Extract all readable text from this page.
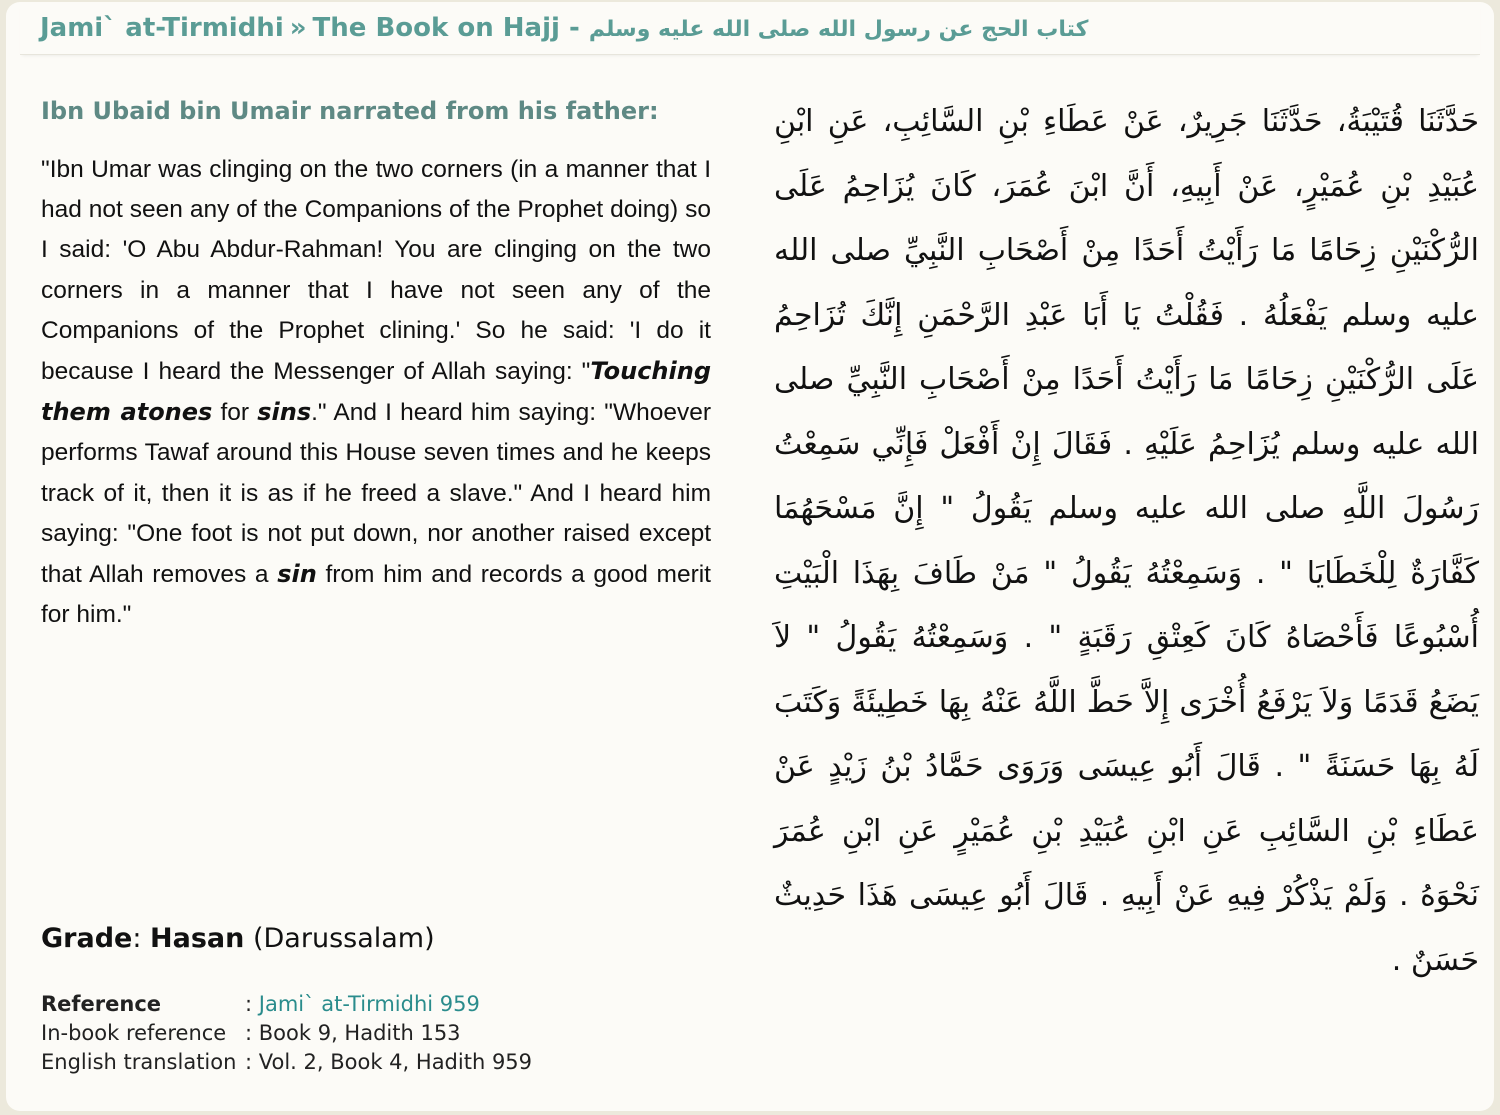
Jami` at-Tirmidhi » The Book on Hajj - كتاب الحج عن رسول الله صلى الله عليه وسلم
Ibn Ubaid bin Umair narrated from his father:

"Ibn Umar was clinging on the two corners (in a manner that I had not seen any of the Companions of the Prophet doing) so I said: 'O Abu Abdur-Rahman! You are clinging on the two corners in a manner that I have not seen any of the Companions of the Prophet clining.' So he said: 'I do it because I heard the Messenger of Allah saying: "Touching them atones for sins." And I heard him saying: "Whoever performs Tawaf around this House seven times and he keeps track of it, then it is as if he freed a slave." And I heard him saying: "One foot is not put down, nor another raised except that Allah removes a sin from him and records a good merit for him."

حَدَّثَنَا قُتَيْبَةُ، حَدَّثَنَا جَرِيرٌ، عَنْ عَطَاءِ بْنِ السَّائِبِ، عَنِ ابْنِ عُبَيْدِ بْنِ عُمَيْرٍ، عَنْ أَبِيهِ، أَنَّ ابْنَ عُمَرَ، كَانَ يُزَاحِمُ عَلَى الرُّكْنَيْنِ زِحَامًا مَا رَأَيْتُ أَحَدًا مِنْ أَصْحَابِ النَّبِيِّ صلى الله عليه وسلم يَفْعَلُهُ ‏.‏ فَقُلْتُ يَا أَبَا عَبْدِ الرَّحْمَنِ إِنَّكَ تُزَاحِمُ عَلَى الرُّكْنَيْنِ زِحَامًا مَا رَأَيْتُ أَحَدًا مِنْ أَصْحَابِ النَّبِيِّ صلى الله عليه وسلم يُزَاحِمُ عَلَيْهِ ‏.‏ فَقَالَ إِنْ أَفْعَلْ فَإِنِّي سَمِعْتُ رَسُولَ اللَّهِ صلى الله عليه وسلم يَقُولُ ‏"‏ إِنَّ مَسْحَهُمَا كَفَّارَةٌ لِلْخَطَايَا ‏"‏ ‏.‏ وَسَمِعْتُهُ يَقُولُ ‏"‏ مَنْ طَافَ بِهَذَا الْبَيْتِ أُسْبُوعًا فَأَحْصَاهُ كَانَ كَعِتْقِ رَقَبَةٍ ‏"‏ ‏.‏ وَسَمِعْتُهُ يَقُولُ ‏"‏ لاَ يَضَعُ قَدَمًا وَلاَ يَرْفَعُ أُخْرَى إِلاَّ حَطَّ اللَّهُ عَنْهُ بِهَا خَطِيئَةً وَكَتَبَ لَهُ بِهَا حَسَنَةً ‏"‏ ‏.‏ قَالَ أَبُو عِيسَى وَرَوَى حَمَّادُ بْنُ زَيْدٍ عَنْ عَطَاءِ بْنِ السَّائِبِ عَنِ ابْنِ عُبَيْدِ بْنِ عُمَيْرٍ عَنِ ابْنِ عُمَرَ نَحْوَهُ ‏.‏ وَلَمْ يَذْكُرْ فِيهِ عَنْ أَبِيهِ ‏.‏ قَالَ أَبُو عِيسَى هَذَا حَدِيثٌ حَسَنٌ ‏.‏
Grade: Hasan (Darussalam)
Reference	: Jami` at-Tirmidhi 959
In-book reference : Book 9, Hadith 153
English translation : Vol. 2, Book 4, Hadith 959
